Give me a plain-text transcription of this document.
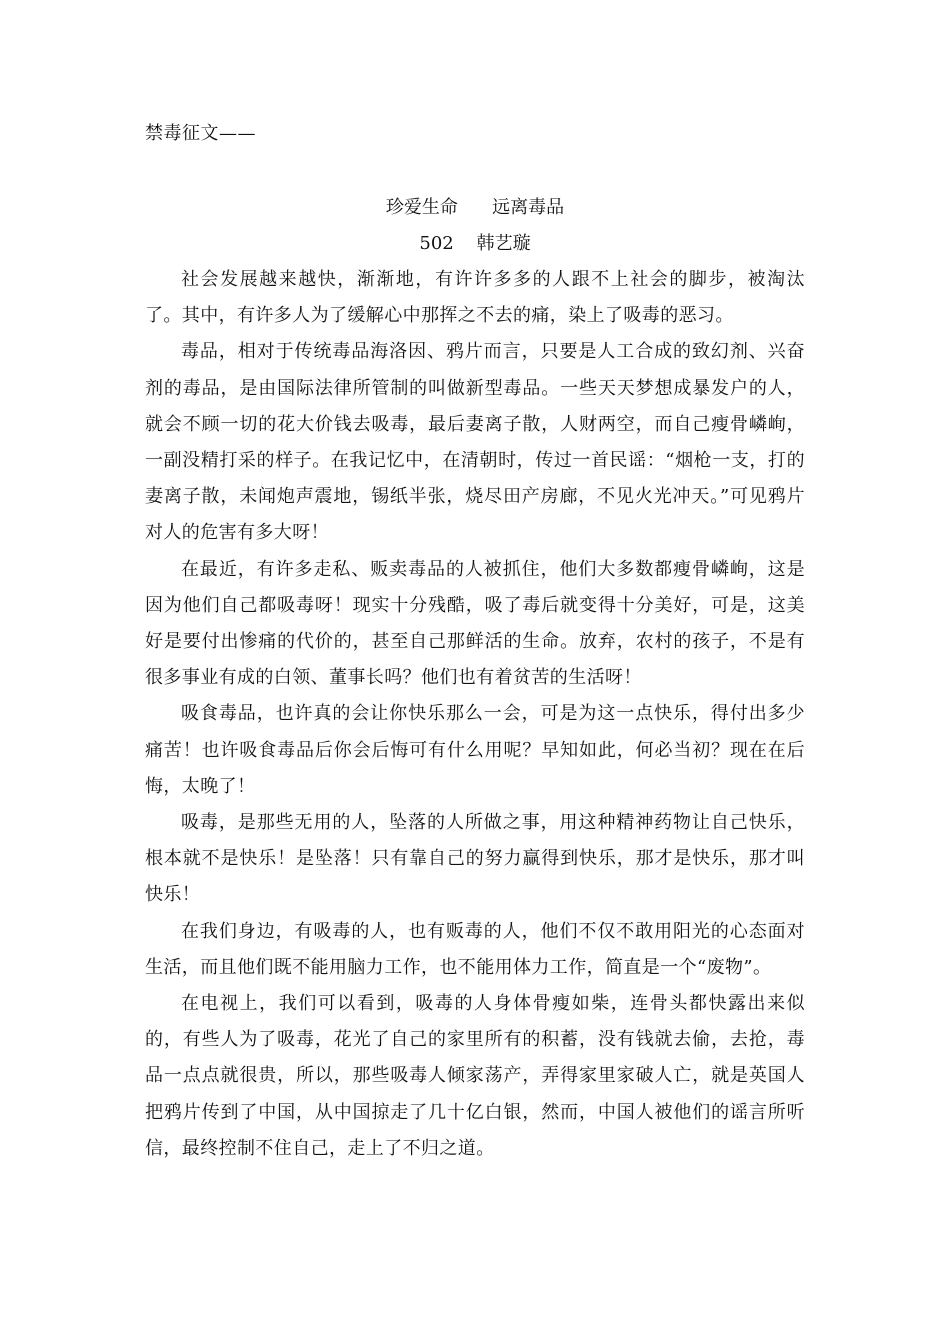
禁毒征文——
珍爱生命      远离毒品
502    韩艺璇

社会发展越来越快，渐渐地，有许许多多的人跟不上社会的脚步，被淘汰了。其中，有许多人为了缓解心中那挥之不去的痛，染上了吸毒的恶习。

毒品，相对于传统毒品海洛因、鸦片而言，只要是人工合成的致幻剂、兴奋剂的毒品，是由国际法律所管制的叫做新型毒品。一些天天梦想成暴发户的人，就会不顾一切的花大价钱去吸毒，最后妻离子散，人财两空，而自己瘦骨嶙峋，一副没精打采的样子。在我记忆中，在清朝时，传过一首民谣：“烟枪一支，打的妻离子散，未闻炮声震地，锡纸半张，烧尽田产房廊，不见火光冲天。”可见鸦片对人的危害有多大呀！

在最近，有许多走私、贩卖毒品的人被抓住，他们大多数都瘦骨嶙峋，这是因为他们自己都吸毒呀！现实十分残酷，吸了毒后就变得十分美好，可是，这美好是要付出惨痛的代价的，甚至自己那鲜活的生命。放弃，农村的孩子，不是有很多事业有成的白领、董事长吗？他们也有着贫苦的生活呀！

吸食毒品，也许真的会让你快乐那么一会，可是为这一点快乐，得付出多少痛苦！也许吸食毒品后你会后悔可有什么用呢？早知如此，何必当初？现在在后悔，太晚了！

吸毒，是那些无用的人，坠落的人所做之事，用这种精神药物让自己快乐，根本就不是快乐！是坠落！只有靠自己的努力赢得到快乐，那才是快乐，那才叫快乐！

在我们身边，有吸毒的人，也有贩毒的人，他们不仅不敢用阳光的心态面对生活，而且他们既不能用脑力工作，也不能用体力工作，简直是一个“废物”。

在电视上，我们可以看到，吸毒的人身体骨瘦如柴，连骨头都快露出来似的，有些人为了吸毒，花光了自己的家里所有的积蓄，没有钱就去偷，去抢，毒品一点点就很贵，所以，那些吸毒人倾家荡产，弄得家里家破人亡，就是英国人把鸦片传到了中国，从中国掠走了几十亿白银，然而，中国人被他们的谣言所听信，最终控制不住自己，走上了不归之道。
